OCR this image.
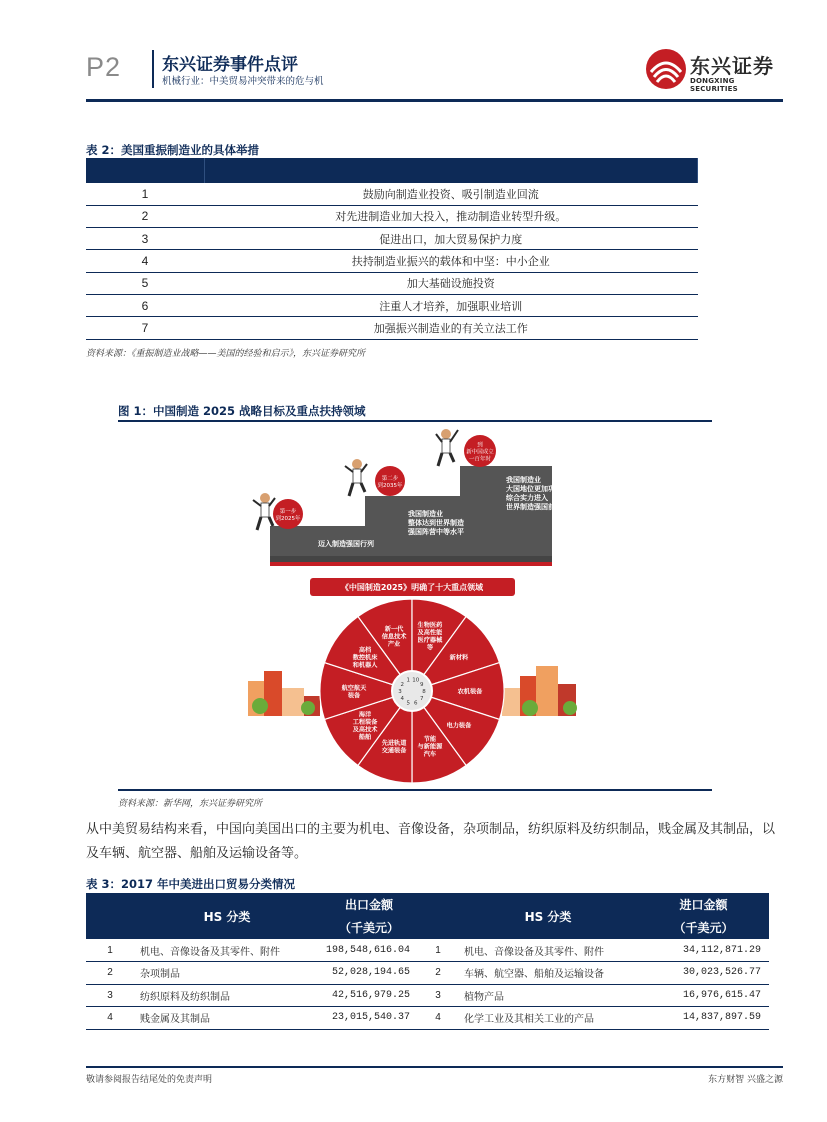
P2 东兴证券事件点评
机械行业：中美贸易冲突带来的危与机
东兴证券
DONGXING SECURITIES
表 2：美国重振制造业的具体举措

1	鼓励向制造业投资、吸引制造业回流
2	对先进制造业加大投入，推动制造业转型升级。
3	促进出口，加大贸易保护力度
4	扶持制造业振兴的载体和中坚：中小企业
5	加大基础设施投资
6	注重人才培养，加强职业培训
7	加强振兴制造业的有关立法工作
资料来源：《重振制造业战略——美国的经验和启示》，东兴证券研究所
图 1：中国制造 2025 战略目标及重点扶持领域
第一步
到2025年
第二步
到2035年
到
新中国成立
一百年时
迈入制造强国行列
我国制造业
整体达到世界制造
强国阵营中等水平
我国制造业
大国地位更加巩固
综合实力进入
世界制造强国前列
《中国制造2025》明确了十大重点领域
1
新一代
信息技术
产业
10
生物医药
及高性能
医疗器械
等
9
新材料
8	农机装备
7
电力装备
6
节能
与新能源
汽车
5
先进轨道
交通装备
4
海洋
工程装备
及高技术
船舶
3
航空航天
装备
2
高档
数控机床
和机器人
资料来源：新华网，东兴证券研究所
从中美贸易结构来看，中国向美国出口的主要为机电、音像设备，杂项制品，纺织原料及纺织制品，贱金属及其制品，以及车辆、航空器、船舶及运输设备等。
表 3：2017 年中美进出口贸易分类情况
	HS 分类	出口金额		HS 分类	进口金额
		（千美元）			（千美元）
1	机电、音像设备及其零件、附件	198,548,616.04	1	机电、音像设备及其零件、附件	34,112,871.29
2	杂项制品	52,028,194.65	2	车辆、航空器、船舶及运输设备	30,023,526.77
3	纺织原料及纺织制品	42,516,979.25	3	植物产品	16,976,615.47
4	贱金属及其制品	23,015,540.37	4	化学工业及其相关工业的产品	14,837,897.59
敬请参阅报告结尾处的免责声明	东方财智 兴盛之源
